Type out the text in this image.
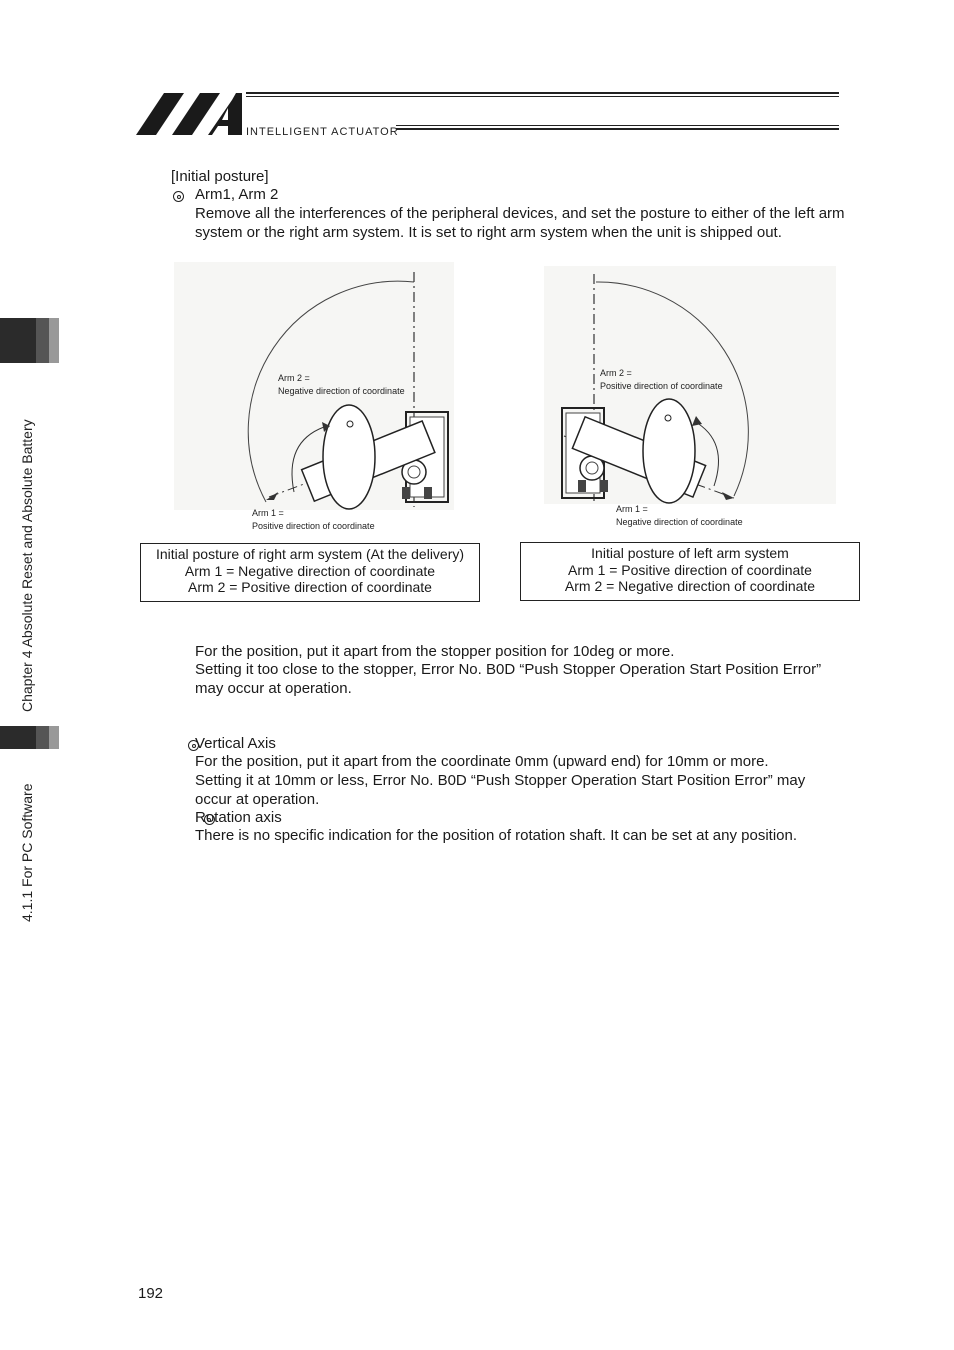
INTELLIGENT ACTUATOR
Chapter 4 Absolute Reset and Absolute Battery
4.1.1 For PC Software
[Initial posture]

Arm1, Arm 2
Remove all the interferences of the peripheral devices, and set the posture to either of the left arm system or the right arm system. It is set to right arm system when the unit is shipped out.
Arm 2 =
Negative direction of coordinate
Arm 1 =
Positive direction of coordinate
Initial posture of right arm system (At the delivery)
Arm 1 = Negative direction of coordinate
Arm 2 = Positive direction of coordinate
Arm 2 =
Positive direction of coordinate
Arm 1 =
Negative direction of coordinate
Initial posture of left arm system
Arm 1 = Positive direction of coordinate
Arm 2 = Negative direction of coordinate
For the position, put it apart from the stopper position for 10deg or more.
Setting it too close to the stopper, Error No. B0D “Push Stopper Operation Start Position Error” may occur at operation.

Vertical Axis
For the position, put it apart from the coordinate 0mm (upward end) for 10mm or more.
Setting it at 10mm or less, Error No. B0D “Push Stopper Operation Start Position Error” may occur at operation.
Rotation axis
There is no specific indication for the position of rotation shaft. It can be set at any position.
192
